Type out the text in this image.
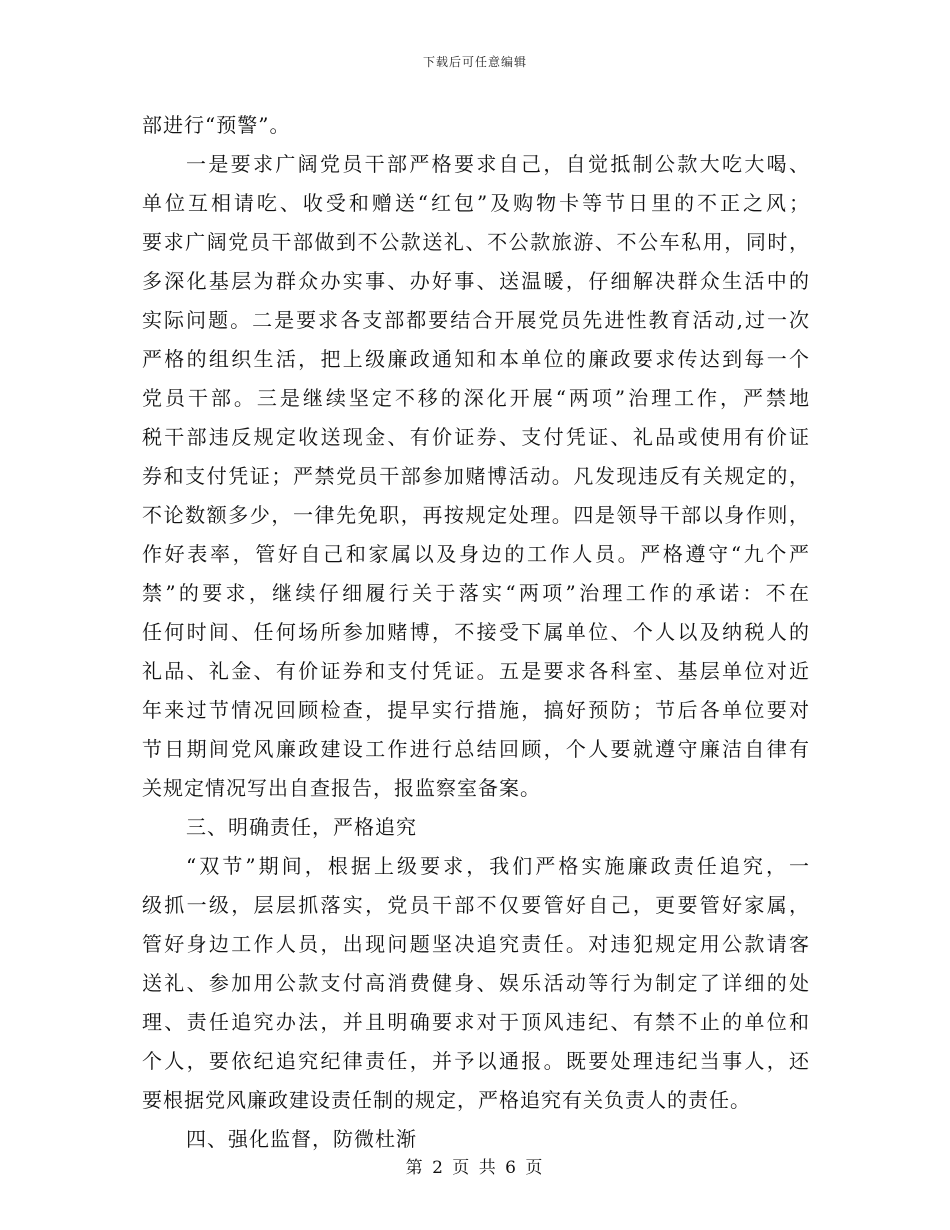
下载后可任意编辑
部进行“预警”。
一是要求广阔党员干部严格要求自己，自觉抵制公款大吃大喝、
单位互相请吃、收受和赠送“红包”及购物卡等节日里的不正之风；
要求广阔党员干部做到不公款送礼、不公款旅游、不公车私用，同时，
多深化基层为群众办实事、办好事、送温暖，仔细解决群众生活中的
实际问题。二是要求各支部都要结合开展党员先进性教育活动,过一次
严格的组织生活，把上级廉政通知和本单位的廉政要求传达到每一个
党员干部。三是继续坚定不移的深化开展“两项”治理工作，严禁地
税干部违反规定收送现金、有价证券、支付凭证、礼品或使用有价证
券和支付凭证；严禁党员干部参加赌博活动。凡发现违反有关规定的，
不论数额多少，一律先免职，再按规定处理。四是领导干部以身作则，
作好表率，管好自己和家属以及身边的工作人员。严格遵守“九个严
禁”的要求，继续仔细履行关于落实“两项”治理工作的承诺：不在
任何时间、任何场所参加赌博，不接受下属单位、个人以及纳税人的
礼品、礼金、有价证券和支付凭证。五是要求各科室、基层单位对近
年来过节情况回顾检查，提早实行措施，搞好预防；节后各单位要对
节日期间党风廉政建设工作进行总结回顾，个人要就遵守廉洁自律有
关规定情况写出自查报告，报监察室备案。
三、明确责任，严格追究
“双节”期间，根据上级要求，我们严格实施廉政责任追究，一
级抓一级，层层抓落实，党员干部不仅要管好自己，更要管好家属，
管好身边工作人员，出现问题坚决追究责任。对违犯规定用公款请客
送礼、参加用公款支付高消费健身、娱乐活动等行为制定了详细的处
理、责任追究办法，并且明确要求对于顶风违纪、有禁不止的单位和
个人，要依纪追究纪律责任，并予以通报。既要处理违纪当事人，还
要根据党风廉政建设责任制的规定，严格追究有关负责人的责任。
四、强化监督，防微杜渐
第 2 页 共 6 页
